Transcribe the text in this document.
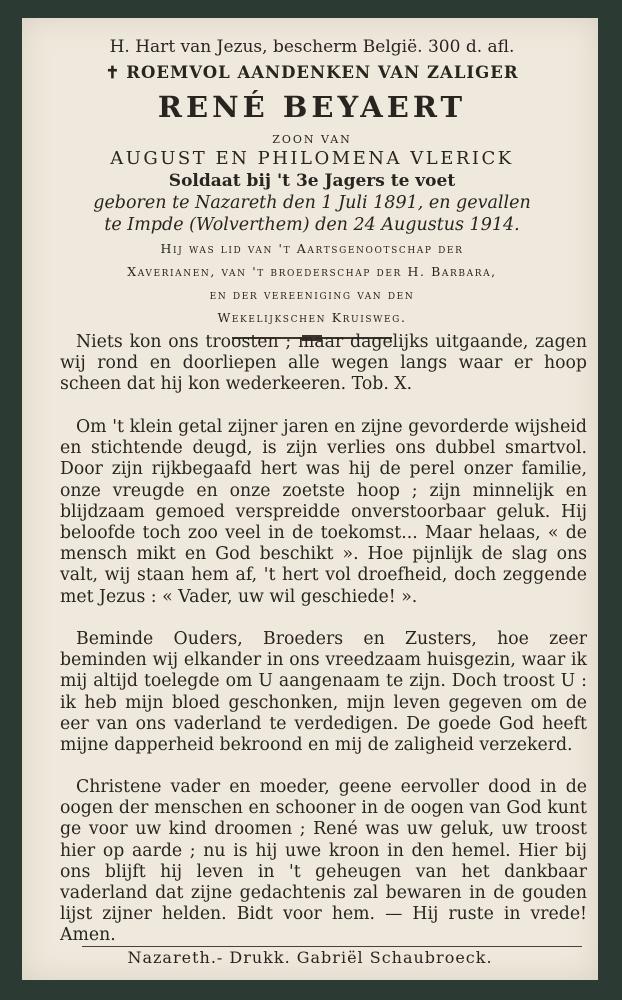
H. Hart van Jezus, bescherm België. 300 d. afl.
✝ ROEMVOL AANDENKEN VAN ZALIGER
RENÉ BEYAERT
ZOON VAN
AUGUST EN PHILOMENA VLERICK
Soldaat bij 't 3e Jagers te voet
geboren te Nazareth den 1 Juli 1891, en gevallen
te Impde (Wolverthem) den 24 Augustus 1914.
Hij was lid van 't Aartsgenootschap der
Xaverianen, van 't broederschap der H. Barbara,
en der vereeniging van den
Wekelijkschen Kruisweg.
Niets kon ons troosten ; maar dagelijks uitgaande, zagen wij rond en doorliepen alle wegen langs waar er hoop scheen dat hij kon wederkeeren. Tob. X.
Om 't klein getal zijner jaren en zijne gevorderde wijsheid en stichtende deugd, is zijn verlies ons dubbel smartvol. Door zijn rijkbegaafd hert was hij de perel onzer familie, onze vreugde en onze zoetste hoop ; zijn minnelijk en blijdzaam gemoed verspreidde onverstoorbaar geluk. Hij beloofde toch zoo veel in de toekomst... Maar helaas, « de mensch mikt en God beschikt ». Hoe pijnlijk de slag ons valt, wij staan hem af, 't hert vol droefheid, doch zeggende met Jezus : « Vader, uw wil geschiede! ».
Beminde Ouders, Broeders en Zusters, hoe zeer beminden wij elkander in ons vreedzaam huisgezin, waar ik mij altijd toelegde om U aangenaam te zijn. Doch troost U : ik heb mijn bloed geschonken, mijn leven gegeven om de eer van ons vaderland te verdedigen. De goede God heeft mijne dapperheid bekroond en mij de zaligheid verzekerd.
Christene vader en moeder, geene eervoller dood in de oogen der menschen en schooner in de oogen van God kunt ge voor uw kind droomen ; René was uw geluk, uw troost hier op aarde ; nu is hij uwe kroon in den hemel. Hier bij ons blijft hij leven in 't geheugen van het dankbaar vaderland dat zijne gedachtenis zal bewaren in de gouden lijst zijner helden. Bidt voor hem. — Hij ruste in vrede! Amen.
Nazareth.- Drukk. Gabriël Schaubroeck.
